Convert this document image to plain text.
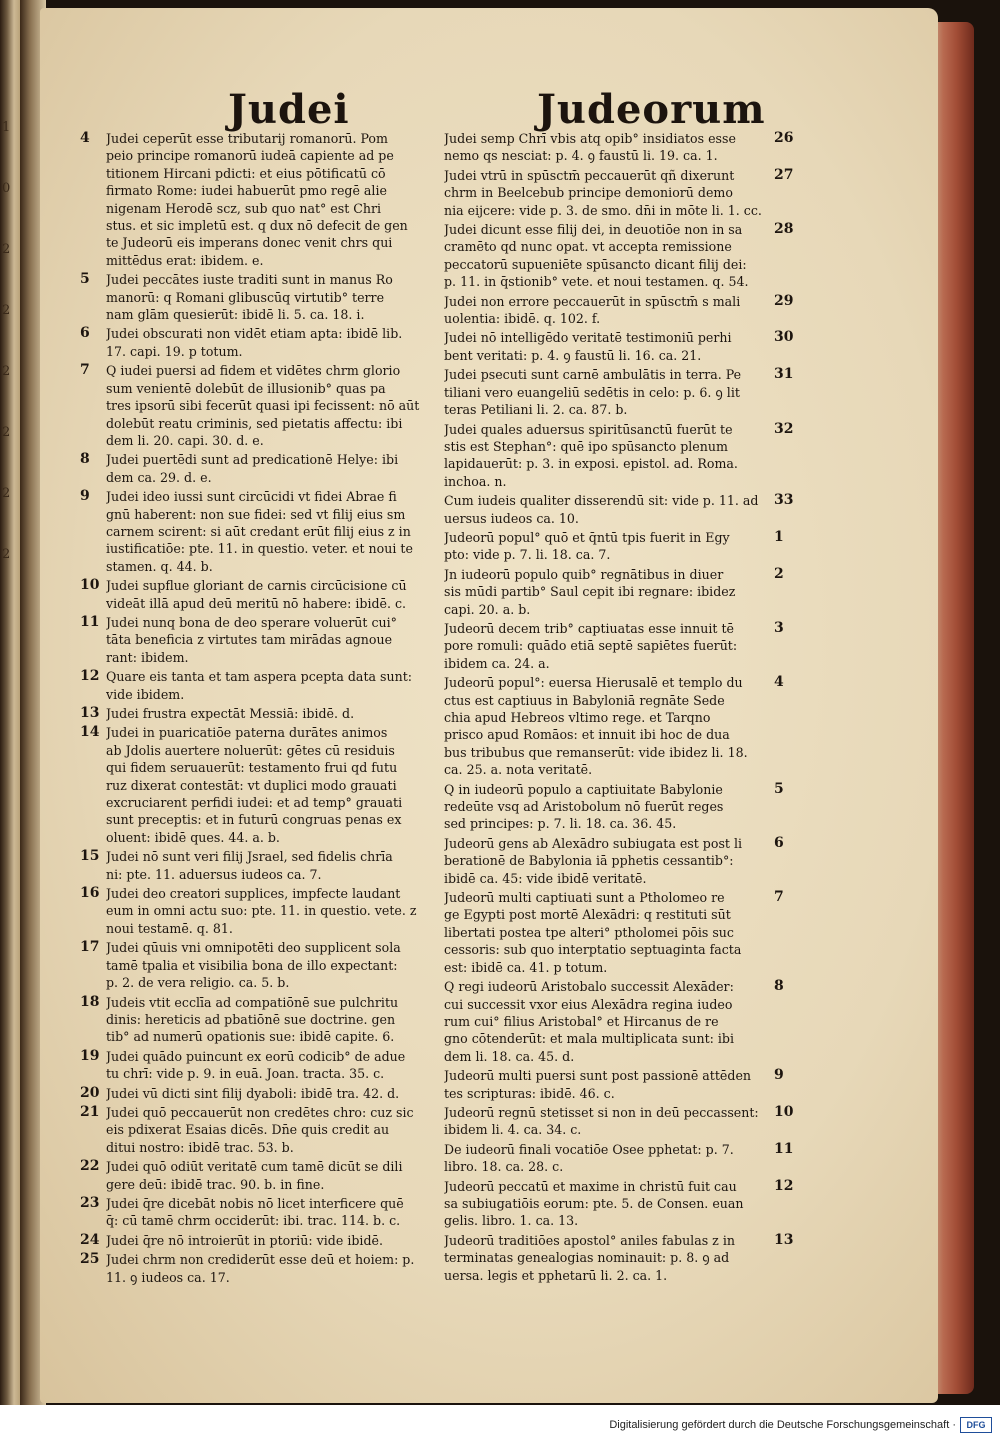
1
0
2
2
2
2
2
2
Judei	Judeorum
4 Judei ceperūt esse tributarij romanorū. Pom
peio principe romanorū iudeā capiente ad pe
titionem Hircani pdicti: et eius pōtificatū cō
firmato Rome: iudei habuerūt pmo regē alie
nigenam Herodē scz, sub quo nat° est Chri
stus. et sic impletū est. q dux nō defecit de gen
te Judeorū eis imperans donec venit chrs qui
mittēdus erat: ibidem. e.
5 Judei peccātes iuste traditi sunt in manus Ro
manorū: q Romani glibuscūq virtutib° terre
nam glām quesierūt: ibidē li. 5. ca. 18. i.
6 Judei obscurati non vidēt etiam apta: ibidē lib.
17. capi. 19. p totum.
7 Q iudei puersi ad fidem et vidētes chrm glorio
sum venientē dolebūt de illusionib° quas pa
tres ipsorū sibi fecerūt quasi ipi fecissent: nō aūt
dolebūt reatu criminis, sed pietatis affectu: ibi
dem li. 20. capi. 30. d. e.
8 Judei puertēdi sunt ad predicationē Helye: ibi
dem ca. 29. d. e.
9 Judei ideo iussi sunt circūcidi vt fidei Abrae fi
gnū haberent: non sue fidei: sed vt filij eius sm
carnem scirent: si aūt credant erūt filij eius z in
iustificatiōe: pte. 11. in questio. veter. et noui te
stamen. q. 44. b.
10 Judei supflue gloriant de carnis circūcisione cū
videāt illā apud deū meritū nō habere: ibidē. c.
11 Judei nunq bona de deo sperare voluerūt cui°
tāta beneficia z virtutes tam mirādas agnoue
rant: ibidem.
12 Quare eis tanta et tam aspera pcepta data sunt:
vide ibidem.
13 Judei frustra expectāt Messiā: ibidē. d.
14 Judei in puaricatiōe paterna durātes animos
ab Jdolis auertere noluerūt: gētes cū residuis
qui fidem seruauerūt: testamento frui qd futu
ruz dixerat contestāt: vt duplici modo grauati
excruciarent perfidi iudei: et ad temp° grauati
sunt preceptis: et in futurū congruas penas ex
oluent: ibidē ques. 44. a. b.
15 Judei nō sunt veri filij Jsrael, sed fidelis chrīa
ni: pte. 11. aduersus iudeos ca. 7.
16 Judei deo creatori supplices, impfecte laudant
eum in omni actu suo: pte. 11. in questio. vete. z
noui testamē. q. 81.
17 Judei qūuis vni omnipotēti deo supplicent sola
tamē tpalia et visibilia bona de illo expectant:
p. 2. de vera religio. ca. 5. b.
18 Judeis vtit ecclīa ad compatiōnē sue pulchritu
dinis: hereticis ad pbatiōnē sue doctrine. gen
tib° ad numerū opationis sue: ibidē capite. 6.
19 Judei quādo puincunt ex eorū codicib° de adue
tu chrī: vide p. 9. in euā. Joan. tracta. 35. c.
20 Judei vū dicti sint filij dyaboli: ibidē tra. 42. d.
21 Judei quō peccauerūt non credētes chro: cuz sic
eis pdixerat Esaias dicēs. Dn̄e quis credit au
ditui nostro: ibidē trac. 53. b.
22 Judei quō odiūt veritatē cum tamē dicūt se dili
gere deū: ibidē trac. 90. b. in fine.
23 Judei q̄re dicebāt nobis nō licet interficere quē
q̄: cū tamē chrm occiderūt: ibi. trac. 114. b. c.
24 Judei q̄re nō introierūt in ptoriū: vide ibidē.
25 Judei chrm non crediderūt esse deū et hoiem: p.
11. ꝯ iudeos ca. 17.
26
Judei semp Chrī vbis atq opib° insidiatos esse
nemo qs nesciat: p. 4. ꝯ faustū li. 19. ca. 1.
27
Judei vtrū in spūsctm̄ peccauerūt qñ dixerunt
chrm in Beelcebub principe demoniorū demo
nia eijcere: vide p. 3. de smo. dn̄i in mōte li. 1. cc.
28
Judei dicunt esse filij dei, in deuotiōe non in sa
cramēto qd nunc opat. vt accepta remissione
peccatorū supueniēte spūsancto dicant filij dei:
p. 11. in q̄stionib° vete. et noui testamen. q. 54.
29
Judei non errore peccauerūt in spūsctm̄ s mali
uolentia: ibidē. q. 102. f.
30
Judei nō intelligēdo veritatē testimoniū perhi
bent veritati: p. 4. ꝯ faustū li. 16. ca. 21.
31
Judei psecuti sunt carnē ambulātis in terra. Pe
tiliani vero euangeliū sedētis in celo: p. 6. ꝯ lit
teras Petiliani li. 2. ca. 87. b.
32
Judei quales aduersus spiritūsanctū fuerūt te
stis est Stephan°: quē ipo spūsancto plenum
lapidauerūt: p. 3. in exposi. epistol. ad. Roma.
inchoa. n.
33
Cum iudeis qualiter disserendū sit: vide p. 11. ad
uersus iudeos ca. 10.
1
Judeorū popul° quō et q̄ntū tpis fuerit in Egy
pto: vide p. 7. li. 18. ca. 7.
2
Jn iudeorū populo quib° regnātibus in diuer
sis mūdi partib° Saul cepit ibi regnare: ibidez
capi. 20. a. b.
3
Judeorū decem trib° captiuatas esse innuit tē
pore romuli: quādo etiā septē sapiētes fuerūt:
ibidem ca. 24. a.
4
Judeorū popul°: euersa Hierusalē et templo du
ctus est captiuus in Babyloniā regnāte Sede
chia apud Hebreos vltimo rege. et Tarqno
prisco apud Romāos: et innuit ibi hoc de dua
bus tribubus que remanserūt: vide ibidez li. 18.
ca. 25. a. nota veritatē.
5
Q in iudeorū populo a captiuitate Babylonie
redeūte vsq ad Aristobolum nō fuerūt reges
sed principes: p. 7. li. 18. ca. 36. 45.
6
Judeorū gens ab Alexādro subiugata est post li
berationē de Babylonia iā pphetis cessantib°:
ibidē ca. 45: vide ibidē veritatē.
7
Judeorū multi captiuati sunt a Ptholomeo re
ge Egypti post mortē Alexādri: q restituti sūt
libertati postea tpe alteri° ptholomei pōis suc
cessoris: sub quo interptatio septuaginta facta
est: ibidē ca. 41. p totum.
8
Q regi iudeorū Aristobalo successit Alexāder:
cui successit vxor eius Alexādra regina iudeo
rum cui° filius Aristobal° et Hircanus de re
gno cōtenderūt: et mala multiplicata sunt: ibi
dem li. 18. ca. 45. d.
9
Judeorū multi puersi sunt post passionē attēden
tes scripturas: ibidē. 46. c.
10
Judeorū regnū stetisset si non in deū peccassent:
ibidem li. 4. ca. 34. c.
11
De iudeorū finali vocatiōe Osee pphetat: p. 7.
libro. 18. ca. 28. c.
12
Judeorū peccatū et maxime in christū fuit cau
sa subiugatiōis eorum: pte. 5. de Consen. euan
gelis. libro. 1. ca. 13.
13
Judeorū traditiōes apostol° aniles fabulas z in
terminatas genealogias nominauit: p. 8. ꝯ ad
uersa. legis et pphetarū li. 2. ca. 1.
Digitalisierung gefördert durch die Deutsche Forschungsgemeinschaft ·	DFG
